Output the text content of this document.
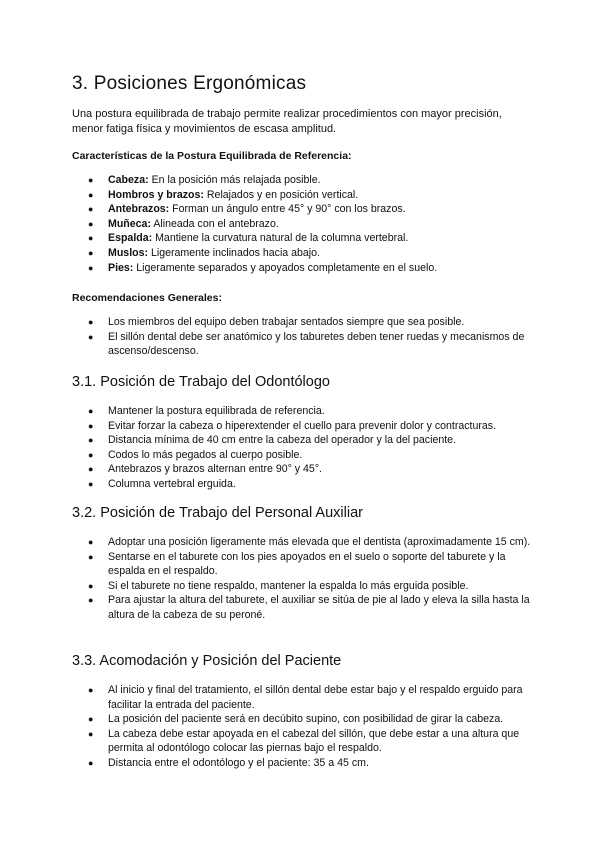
3. Posiciones Ergonómicas

Una postura equilibrada de trabajo permite realizar procedimientos con mayor precisión, menor fatiga física y movimientos de escasa amplitud.

Características de la Postura Equilibrada de Referencia:

● Cabeza: En la posición más relajada posible.
● Hombros y brazos: Relajados y en posición vertical.
● Antebrazos: Forman un ángulo entre 45° y 90° con los brazos.
● Muñeca: Alineada con el antebrazo.
● Espalda: Mantiene la curvatura natural de la columna vertebral.
● Muslos: Ligeramente inclinados hacia abajo.
● Pies: Ligeramente separados y apoyados completamente en el suelo.

Recomendaciones Generales:

● Los miembros del equipo deben trabajar sentados siempre que sea posible.
● El sillón dental debe ser anatómico y los taburetes deben tener ruedas y mecanismos de ascenso/descenso.
3.1. Posición de Trabajo del Odontólogo
● Mantener la postura equilibrada de referencia.
● Evitar forzar la cabeza o hiperextender el cuello para prevenir dolor y contracturas.
● Distancia mínima de 40 cm entre la cabeza del operador y la del paciente.
● Codos lo más pegados al cuerpo posible.
● Antebrazos y brazos alternan entre 90° y 45°.
● Columna vertebral erguida.
3.2. Posición de Trabajo del Personal Auxiliar
● Adoptar una posición ligeramente más elevada que el dentista (aproximadamente 15 cm).
● Sentarse en el taburete con los pies apoyados en el suelo o soporte del taburete y la espalda en el respaldo.
● Si el taburete no tiene respaldo, mantener la espalda lo más erguida posible.
● Para ajustar la altura del taburete, el auxiliar se sitúa de pie al lado y eleva la silla hasta la altura de la cabeza de su peroné.
3.3. Acomodación y Posición del Paciente
● Al inicio y final del tratamiento, el sillón dental debe estar bajo y el respaldo erguido para facilitar la entrada del paciente.
● La posición del paciente será en decúbito supino, con posibilidad de girar la cabeza.
● La cabeza debe estar apoyada en el cabezal del sillón, que debe estar a una altura que permita al odontólogo colocar las piernas bajo el respaldo.
● Distancia entre el odontólogo y el paciente: 35 a 45 cm.
